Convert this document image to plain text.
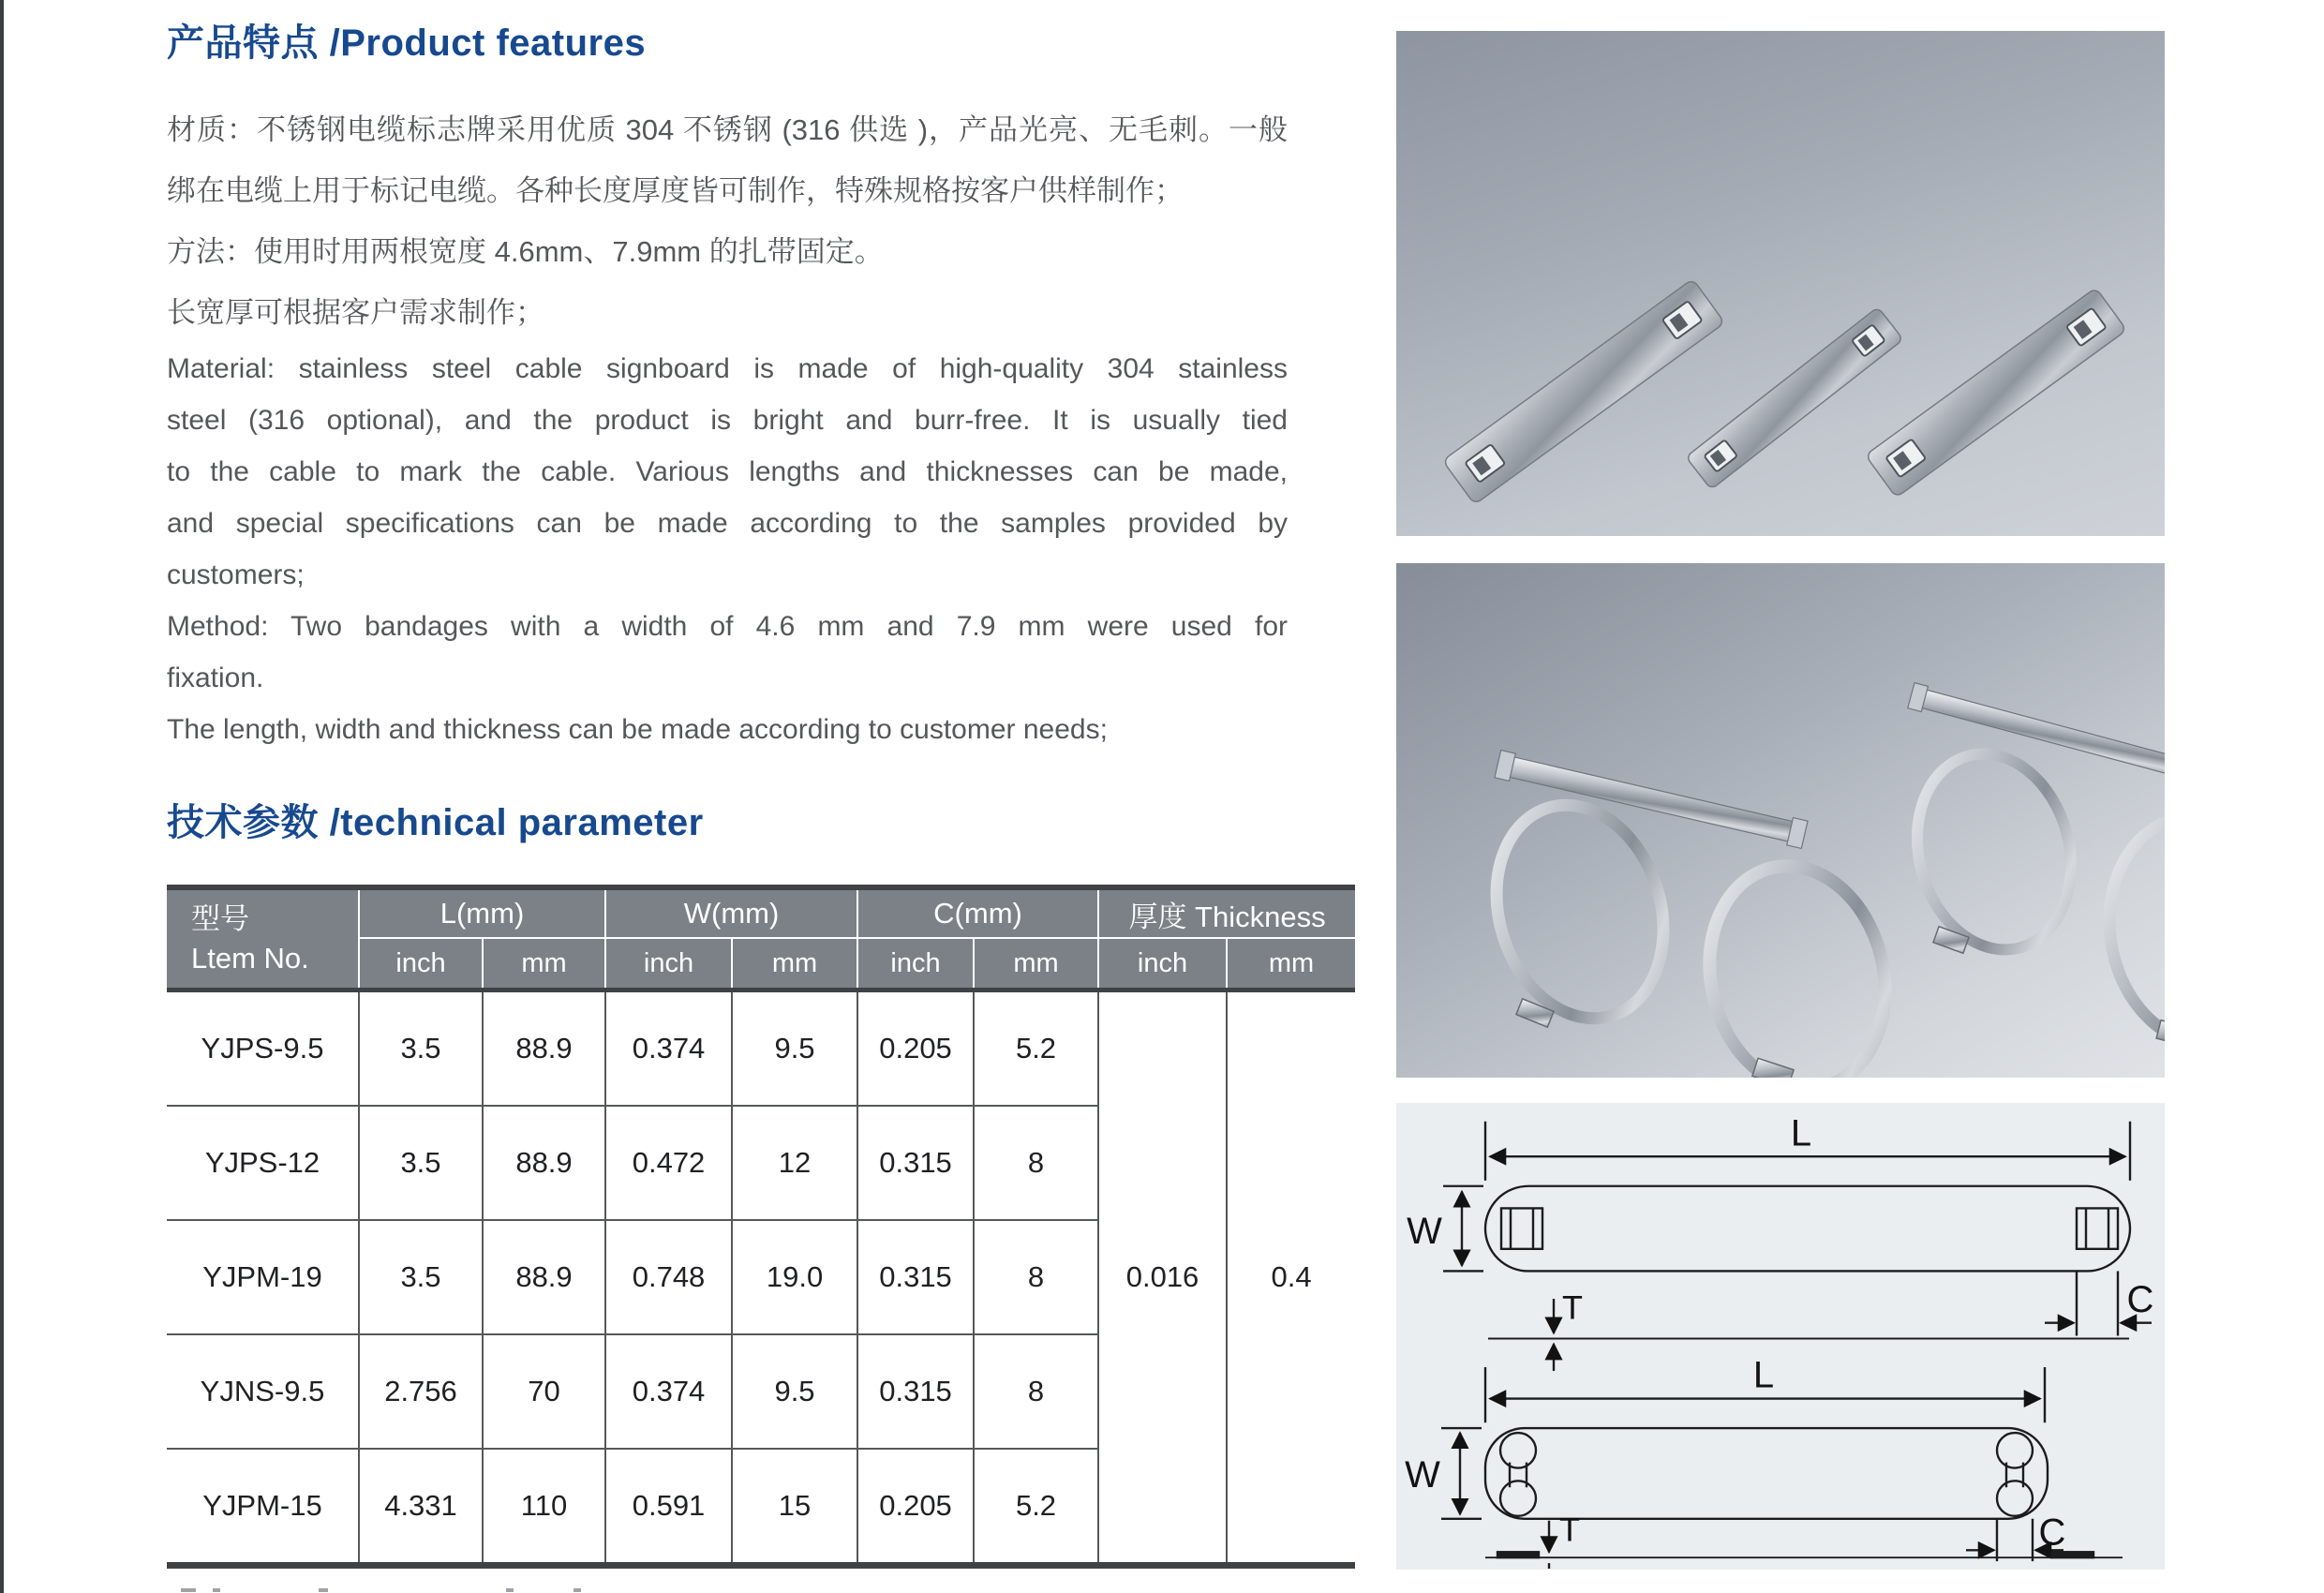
产品特点 /Product features
材质：不锈钢电缆标志牌采用优质 304 不锈钢 (316 供选 )，产品光亮、无毛刺。一般
绑在电缆上用于标记电缆。各种长度厚度皆可制作，特殊规格按客户供样制作；
方法：使用时用两根宽度 4.6mm、7.9mm 的扎带固定。
长宽厚可根据客户需求制作；
Material: stainless steel cable signboard is made of high-quality 304 stainless
steel (316 optional), and the product is bright and burr-free. It is usually tied
to the cable to mark the cable. Various lengths and thicknesses can be made,
and special specifications can be made according to the samples provided by
customers;
Method: Two bandages with a width of 4.6 mm and 7.9 mm were used for
fixation.
The length, width and thickness can be made according to customer needs;
技术参数 /technical parameter
型号
Ltem No.	L(mm)		W(mm)		C(mm)		厚度 Thickness	
	inch	mm	inch	mm	inch	mm	inch	mm
YJPS-9.5	3.5	88.9	0.374	9.5	0.205	5.2	0.016	0.4
YJPS-12	3.5	88.9	0.472	12	0.315	8		
YJPM-19	3.5	88.9	0.748	19.0	0.315	8		
YJNS-9.5	2.756	70	0.374	9.5	0.315	8		
YJPM-15	4.331	110	0.591	15	0.205	5.2		
L
W
C
T
L
W
C
T
